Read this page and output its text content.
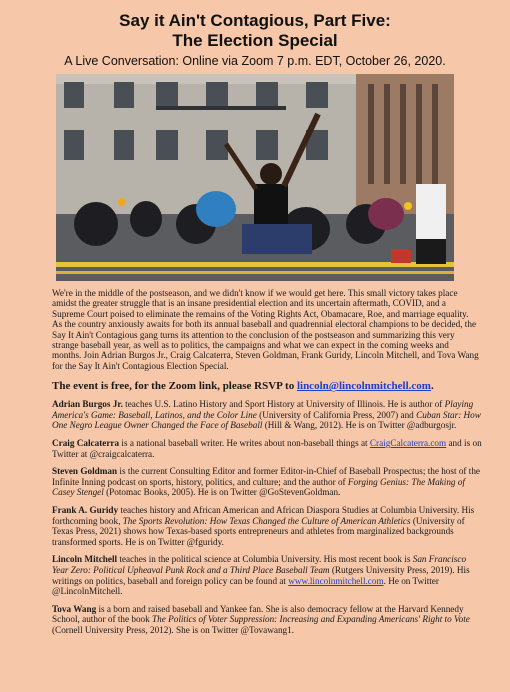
Say it Ain't Contagious, Part Five:
The Election Special
A Live Conversation: Online via Zoom 7 p.m. EDT, October 26, 2020.
We're in the middle of the postseason, and we didn't know if we would get here. This small victory takes place amidst the greater struggle that is an insane presidential election and its uncertain aftermath, COVID, and a Supreme Court poised to eliminate the remains of the Voting Rights Act, Obamacare, Roe, and marriage equality. As the country anxiously awaits for both its annual baseball and quadrennial electoral champions to be decided, the Say It Ain't Contagious gang turns its attention to the conclusion of the postseason and summarizing this very strange baseball year, as well as to politics, the campaigns and what we can expect in the coming weeks and months. Join Adrian Burgos Jr., Craig Calcaterra, Steven Goldman, Frank Guridy, Lincoln Mitchell, and Tova Wang for the Say It Ain't Contagious Election Special.
The event is free, for the Zoom link, please RSVP to lincoln@lincolnmitchell.com.
Adrian Burgos Jr. teaches U.S. Latino History and Sport History at University of Illinois. He is author of Playing America's Game: Baseball, Latinos, and the Color Line (University of California Press, 2007) and Cuban Star: How One Negro League Owner Changed the Face of Baseball (Hill & Wang, 2012). He is on Twitter @adburgosjr.
Craig Calcaterra is a national baseball writer. He writes about non-baseball things at CraigCalcaterra.com and is on Twitter at @craigcalcaterra.
Steven Goldman is the current Consulting Editor and former Editor-in-Chief of Baseball Prospectus; the host of the Infinite Inning podcast on sports, history, politics, and culture; and the author of Forging Genius: The Making of Casey Stengel (Potomac Books, 2005). He is on Twitter @GoStevenGoldman.
Frank A. Guridy teaches history and African American and African Diaspora Studies at Columbia University. His forthcoming book, The Sports Revolution: How Texas Changed the Culture of American Athletics (University of Texas Press, 2021) shows how Texas-based sports entrepreneurs and athletes from marginalized backgrounds transformed sports. He is on Twitter @fguridy.
Lincoln Mitchell teaches in the political science at Columbia University. His most recent book is San Francisco Year Zero: Political Upheaval Punk Rock and a Third Place Baseball Team (Rutgers University Press, 2019). His writings on politics, baseball and foreign policy can be found at www.lincolnmitchell.com. He on Twitter @LincolnMitchell.
Tova Wang is a born and raised baseball and Yankee fan. She is also democracy fellow at the Harvard Kennedy School, author of the book The Politics of Voter Suppression: Increasing and Expanding Americans' Right to Vote (Cornell University Press, 2012). She is on Twitter @Tovawang1.
